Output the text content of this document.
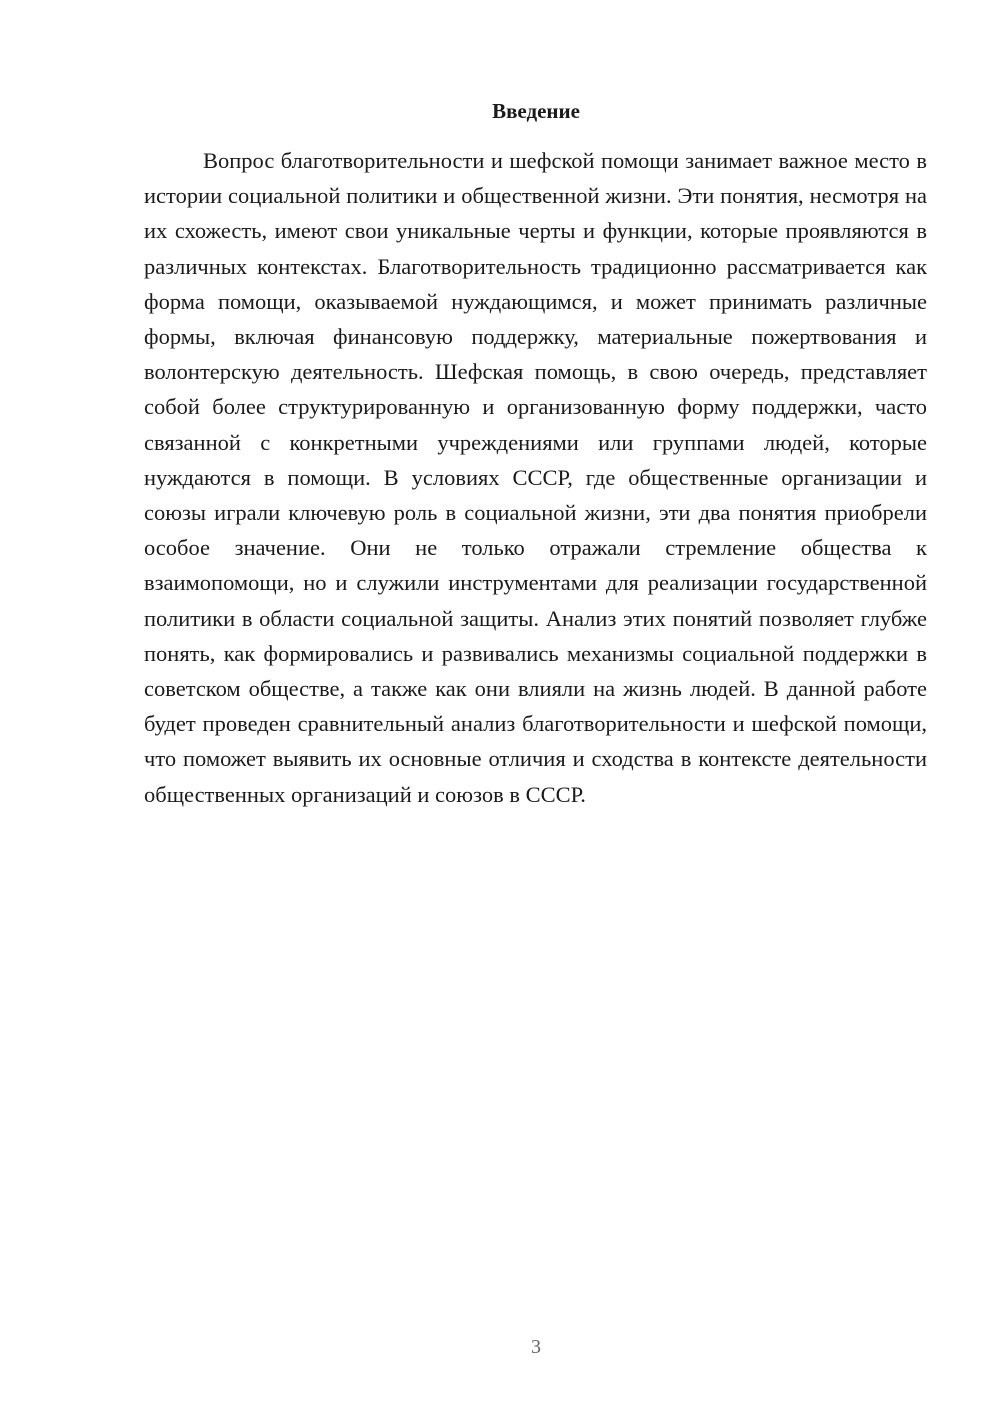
Введение

Вопрос благотворительности и шефской помощи занимает важное место в истории социальной политики и общественной жизни. Эти понятия, несмотря на их схожесть, имеют свои уникальные черты и функции, которые проявляются в различных контекстах. Благотворительность традиционно рассматривается как форма помощи, оказываемой нуждающимся, и может принимать различные формы, включая финансовую поддержку, материальные пожертвования и волонтерскую деятельность. Шефская помощь, в свою очередь, представляет собой более структурированную и организованную форму поддержки, часто связанной с конкретными учреждениями или группами людей, которые нуждаются в помощи. В условиях СССР, где общественные организации и союзы играли ключевую роль в социальной жизни, эти два понятия приобрели особое значение. Они не только отражали стремление общества к взаимопомощи, но и служили инструментами для реализации государственной политики в области социальной защиты. Анализ этих понятий позволяет глубже понять, как формировались и развивались механизмы социальной поддержки в советском обществе, а также как они влияли на жизнь людей. В данной работе будет проведен сравнительный анализ благотворительности и шефской помощи, что поможет выявить их основные отличия и сходства в контексте деятельности общественных организаций и союзов в СССР.

3
